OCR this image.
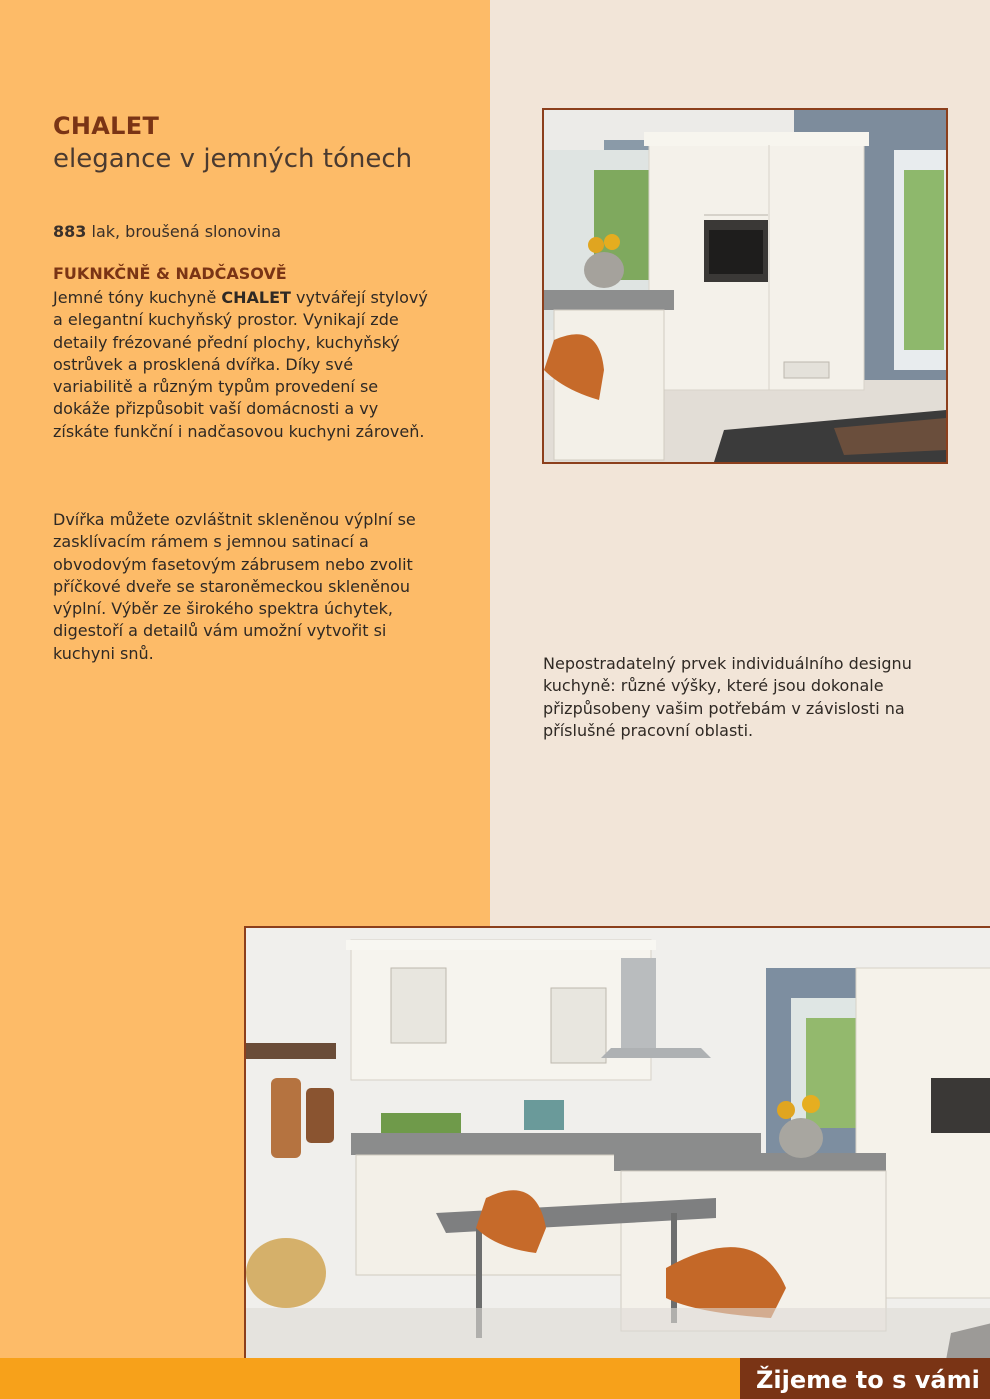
CHALET
elegance v jemných tónech
883 lak, broušená slonovina
FUKNKČNĚ & NADČASOVĚ
Jemné tóny kuchyně CHALET vytvářejí stylový a elegantní kuchyňský prostor. Vynikají zde detaily frézované přední plochy, kuchyňský ostrůvek a prosklená dvířka. Díky své variabilitě a různým typům provedení se dokáže přizpůsobit vaší domácnosti a vy získáte funkční i nadčasovou kuchyni zároveň.
Dvířka můžete ozvláštnit skleněnou výplní se zasklívacím rámem s jemnou satinací a obvodovým fasetovým zábrusem nebo zvolit příčkové dveře se staroněmeckou skleněnou výplní. Výběr ze širokého spektra úchytek, digestoří a detailů vám umožní vytvořit si kuchyni snů.
Nepostradatelný prvek individuálního designu kuchyně: různé výšky, které jsou dokonale přizpůsobeny vašim potřebám v závislosti na příslušné pracovní oblasti.
Žijeme to s vámi
